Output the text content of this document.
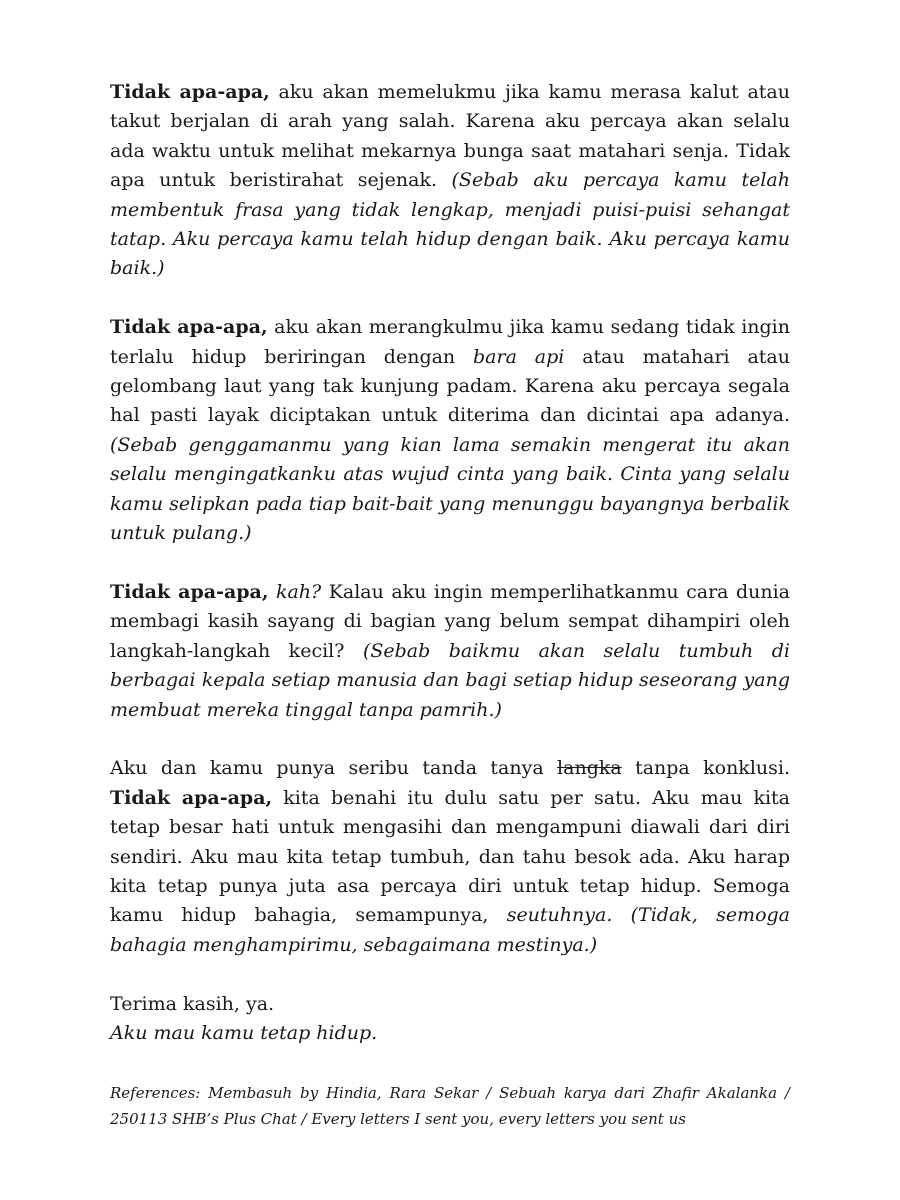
Tidak apa-apa, aku akan memelukmu jika kamu merasa kalut atau takut berjalan di arah yang salah. Karena aku percaya akan selalu ada waktu untuk melihat mekarnya bunga saat matahari senja. Tidak apa untuk beristirahat sejenak. (Sebab aku percaya kamu telah membentuk frasa yang tidak lengkap, menjadi puisi-puisi sehangat tatap. Aku percaya kamu telah hidup dengan baik. Aku percaya kamu baik.)

Tidak apa-apa, aku akan merangkulmu jika kamu sedang tidak ingin terlalu hidup beriringan dengan bara api atau matahari atau gelombang laut yang tak kunjung padam. Karena aku percaya segala hal pasti layak diciptakan untuk diterima dan dicintai apa adanya. (Sebab genggamanmu yang kian lama semakin mengerat itu akan selalu mengingatkanku atas wujud cinta yang baik. Cinta yang selalu kamu selipkan pada tiap bait-bait yang menunggu bayangnya berbalik untuk pulang.)

Tidak apa-apa, kah? Kalau aku ingin memperlihatkanmu cara dunia membagi kasih sayang di bagian yang belum sempat dihampiri oleh langkah-langkah kecil? (Sebab baikmu akan selalu tumbuh di berbagai kepala setiap manusia dan bagi setiap hidup seseorang yang membuat mereka tinggal tanpa pamrih.)

Aku dan kamu punya seribu tanda tanya langka tanpa konklusi. Tidak apa-apa, kita benahi itu dulu satu per satu. Aku mau kita tetap besar hati untuk mengasihi dan mengampuni diawali dari diri sendiri. Aku mau kita tetap tumbuh, dan tahu besok ada. Aku harap kita tetap punya juta asa percaya diri untuk tetap hidup. Semoga kamu hidup bahagia, semampunya, seutuhnya. (Tidak, semoga bahagia menghampirimu, sebagaimana mestinya.)

Terima kasih, ya.
Aku mau kamu tetap hidup.

References: Membasuh by Hindia, Rara Sekar / Sebuah karya dari Zhafir Akalanka / 250113 SHB’s Plus Chat / Every letters I sent you, every letters you sent us
